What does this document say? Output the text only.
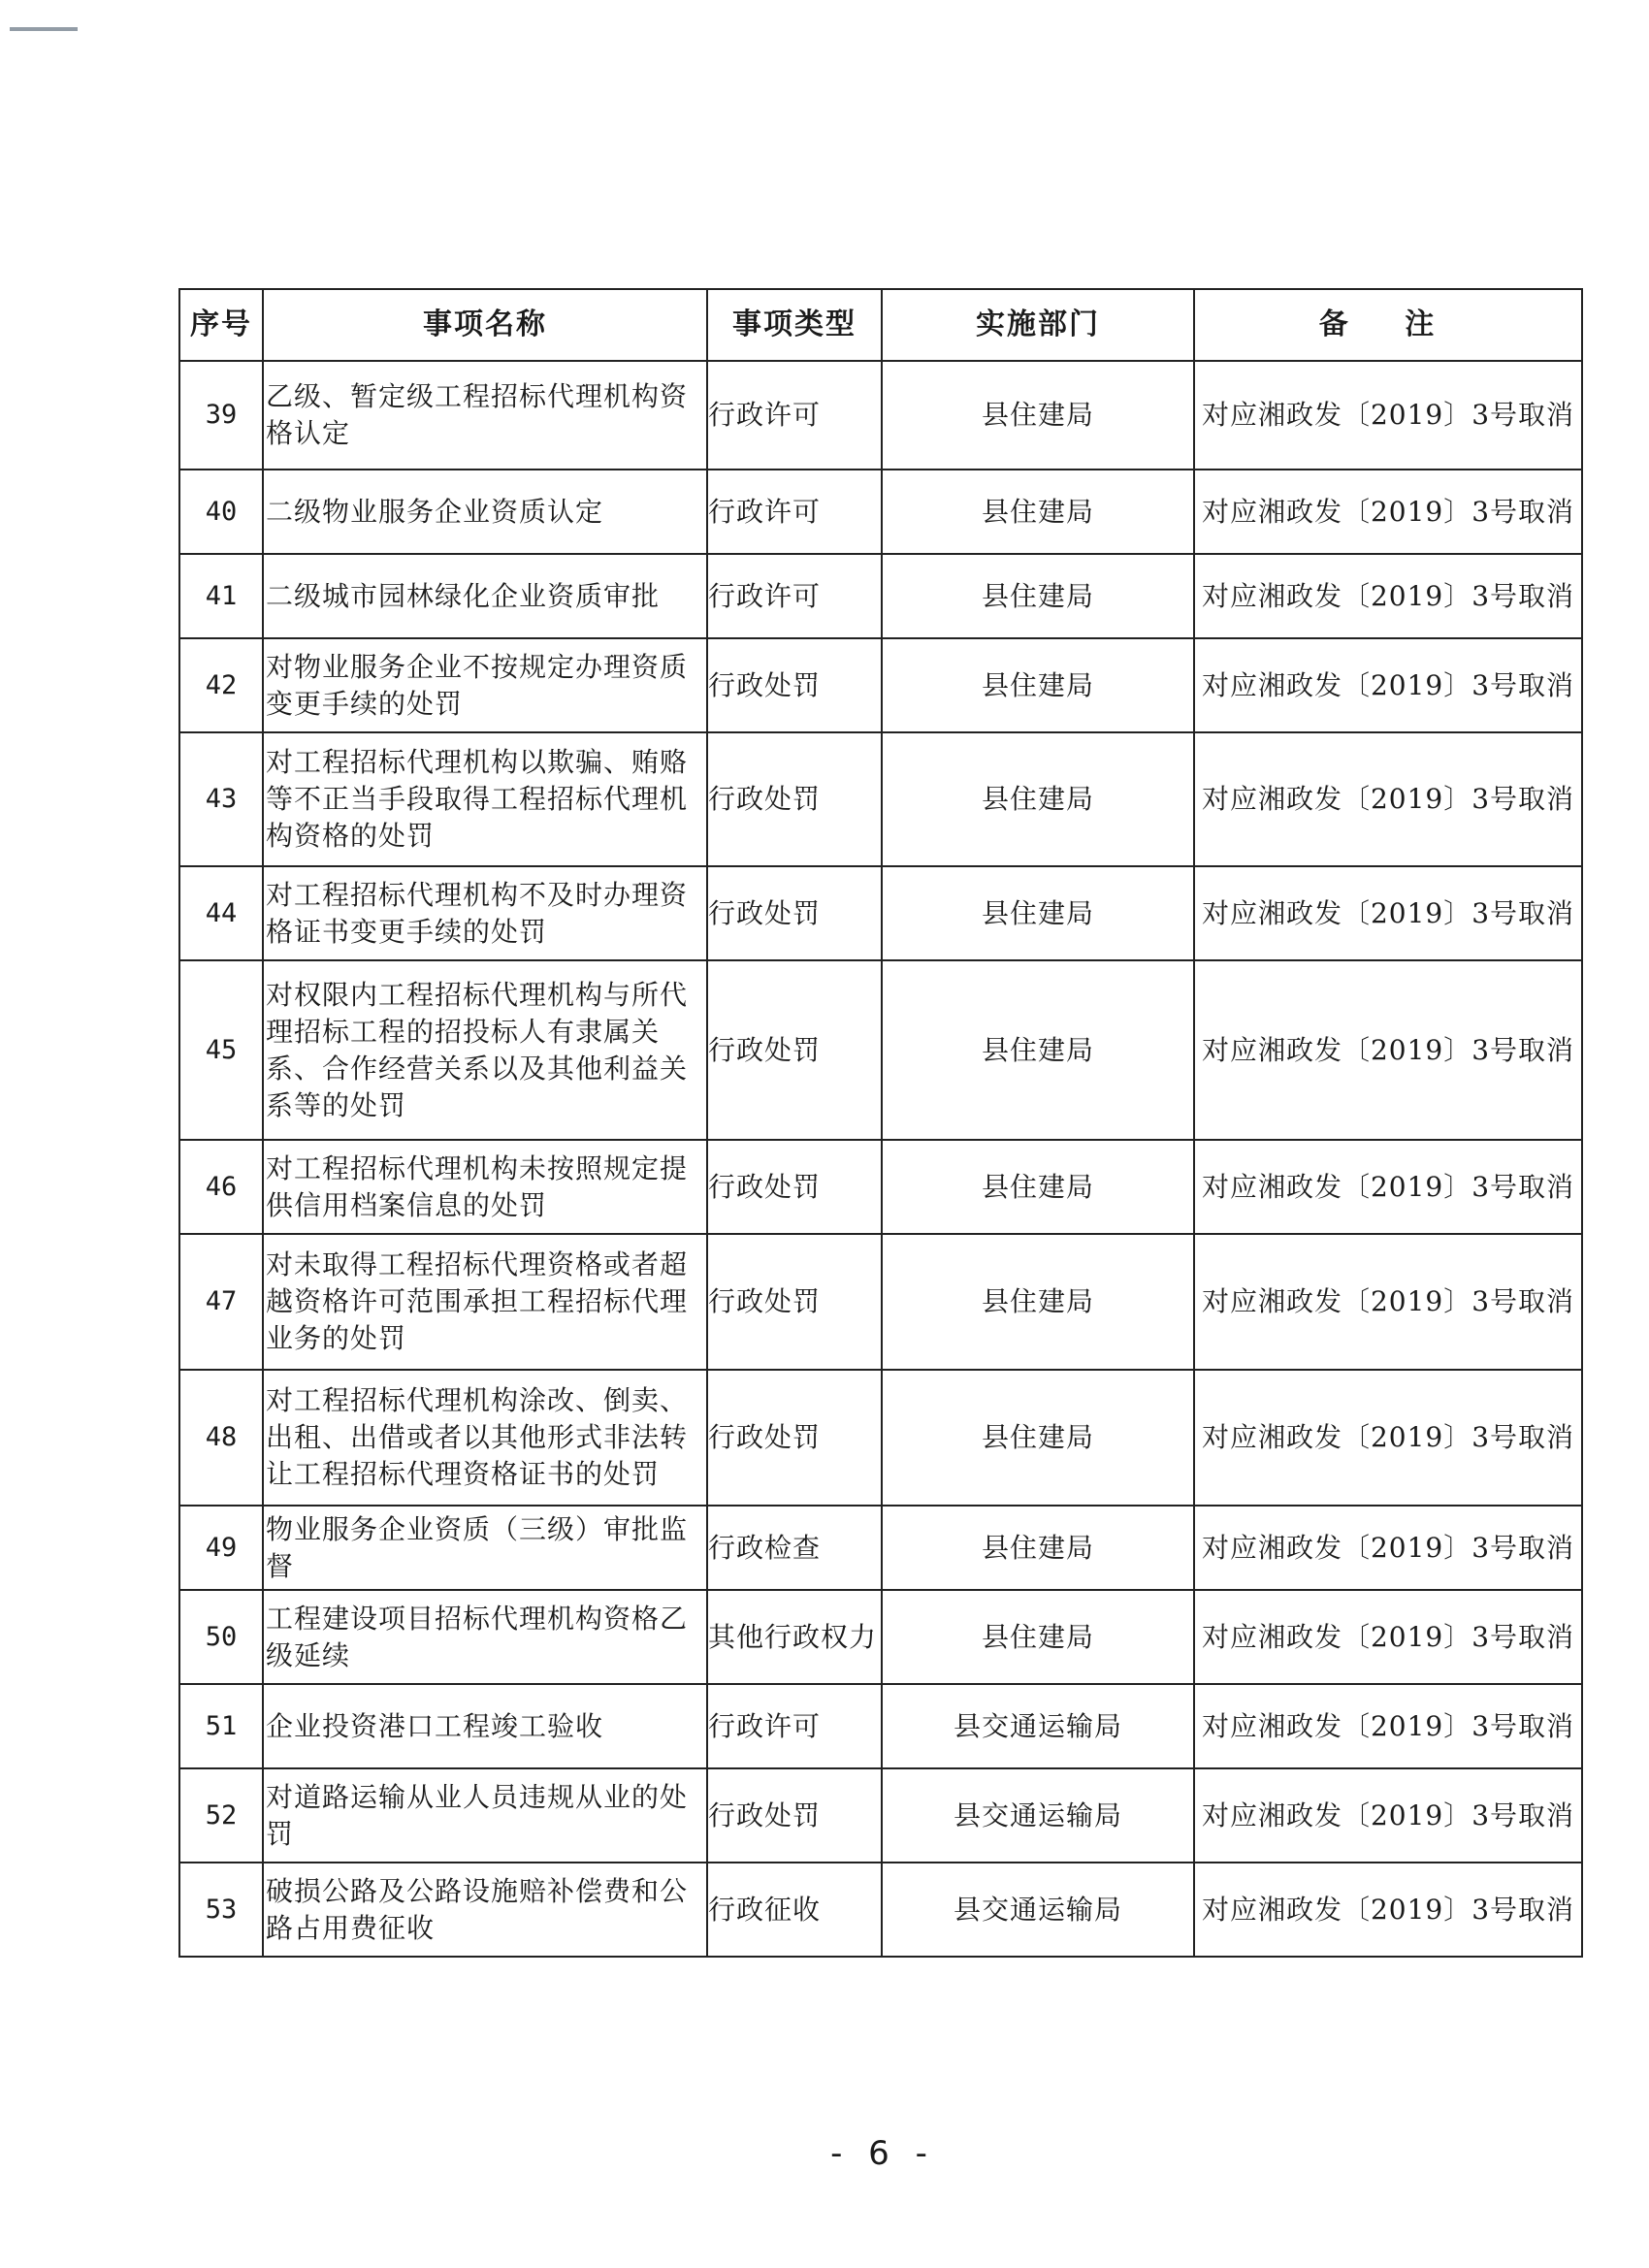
序号	事项名称	事项类型	实施部门	备 注
39	乙级、暂定级工程招标代理机构资格认定	行政许可	县住建局	对应湘政发〔2019〕3号取消
40	二级物业服务企业资质认定	行政许可	县住建局	对应湘政发〔2019〕3号取消
41	二级城市园林绿化企业资质审批	行政许可	县住建局	对应湘政发〔2019〕3号取消
42	对物业服务企业不按规定办理资质变更手续的处罚	行政处罚	县住建局	对应湘政发〔2019〕3号取消
43	对工程招标代理机构以欺骗、贿赂等不正当手段取得工程招标代理机构资格的处罚	行政处罚	县住建局	对应湘政发〔2019〕3号取消
44	对工程招标代理机构不及时办理资格证书变更手续的处罚	行政处罚	县住建局	对应湘政发〔2019〕3号取消
45	对权限内工程招标代理机构与所代理招标工程的招投标人有隶属关系、合作经营关系以及其他利益关系等的处罚	行政处罚	县住建局	对应湘政发〔2019〕3号取消
46	对工程招标代理机构未按照规定提供信用档案信息的处罚	行政处罚	县住建局	对应湘政发〔2019〕3号取消
47	对未取得工程招标代理资格或者超越资格许可范围承担工程招标代理业务的处罚	行政处罚	县住建局	对应湘政发〔2019〕3号取消
48	对工程招标代理机构涂改、倒卖、出租、出借或者以其他形式非法转让工程招标代理资格证书的处罚	行政处罚	县住建局	对应湘政发〔2019〕3号取消
49	物业服务企业资质（三级）审批监督	行政检查	县住建局	对应湘政发〔2019〕3号取消
50	工程建设项目招标代理机构资格乙级延续	其他行政权力	县住建局	对应湘政发〔2019〕3号取消
51	企业投资港口工程竣工验收	行政许可	县交通运输局	对应湘政发〔2019〕3号取消
52	对道路运输从业人员违规从业的处罚	行政处罚	县交通运输局	对应湘政发〔2019〕3号取消
53	破损公路及公路设施赔补偿费和公路占用费征收	行政征收	县交通运输局	对应湘政发〔2019〕3号取消
- 6 -
